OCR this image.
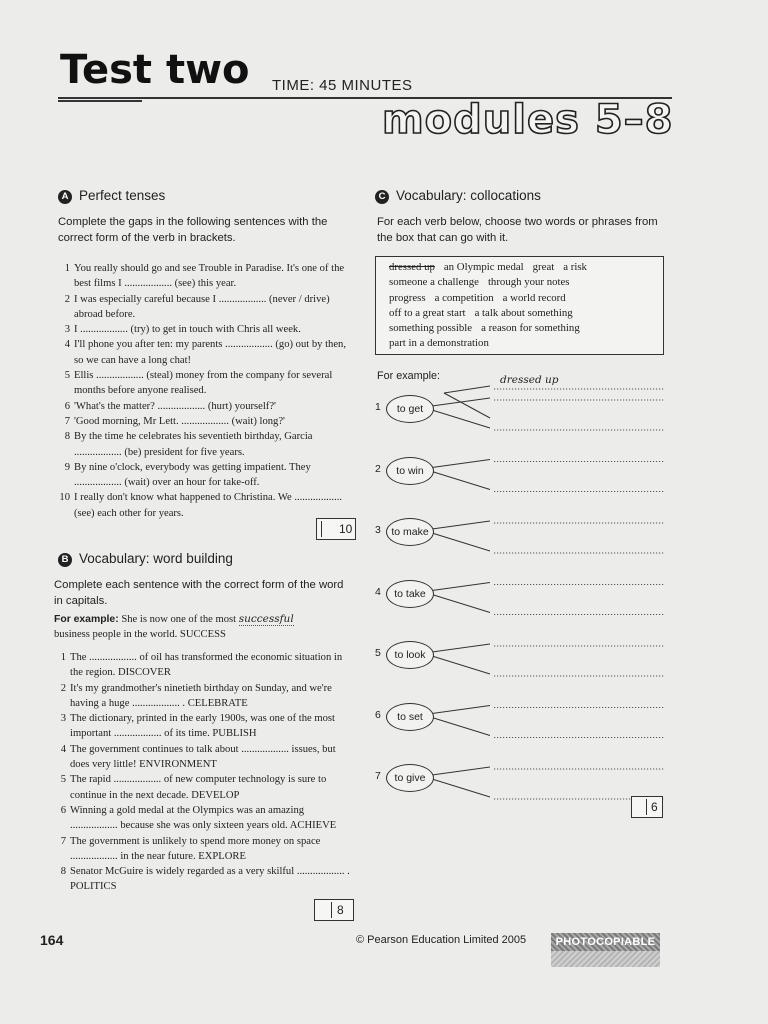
Test two TIME: 45 MINUTES
modules 5–8
A Perfect tenses
Complete the gaps in the following sentences with the correct form of the verb in brackets.
1 You really should go and see Trouble in Paradise. It's one of the best films I .................. (see) this year.
2 I was especially careful because I .................. (never / drive) abroad before.
3 I .................. (try) to get in touch with Chris all week.
4 I'll phone you after ten: my parents .................. (go) out by then, so we can have a long chat!
5 Ellis .................. (steal) money from the company for several months before anyone realised.
6 'What's the matter? .................. (hurt) yourself?'
7 'Good morning, Mr Lett. .................. (wait) long?'
8 By the time he celebrates his seventieth birthday, Garcia .................. (be) president for five years.
9 By nine o'clock, everybody was getting impatient. They .................. (wait) over an hour for take-off.
10 I really don't know what happened to Christina. We .................. (see) each other for years.
10
B Vocabulary: word building
Complete each sentence with the correct form of the word in capitals.
For example: She is now one of the most successful
business people in the world. SUCCESS
1 The .................. of oil has transformed the economic situation in the region. DISCOVER
2 It's my grandmother's ninetieth birthday on Sunday, and we're having a huge .................. . CELEBRATE
3 The dictionary, printed in the early 1900s, was one of the most important .................. of its time. PUBLISH
4 The government continues to talk about .................. issues, but does very little! ENVIRONMENT
5 The rapid .................. of new computer technology is sure to continue in the next decade. DEVELOP
6 Winning a gold medal at the Olympics was an amazing .................. because she was only sixteen years old. ACHIEVE
7 The government is unlikely to spend more money on space .................. in the near future. EXPLORE
8 Senator McGuire is widely regarded as a very skilful .................. . POLITICS
8
C Vocabulary: collocations
For each verb below, choose two words or phrases from the box that can go with it.
dressed up an Olympic medal great a risk
someone a challenge through your notes
progress a competition a world record
off to a great start a talk about something
something possible a reason for something
part in a demonstration
For example:	dressed up
1	to get
2	to win
3 to make
4	to take
5	to look
6	to set
7	to give
6
164	© Pearson Education Limited 2005	PHOTOCOPIABLE
